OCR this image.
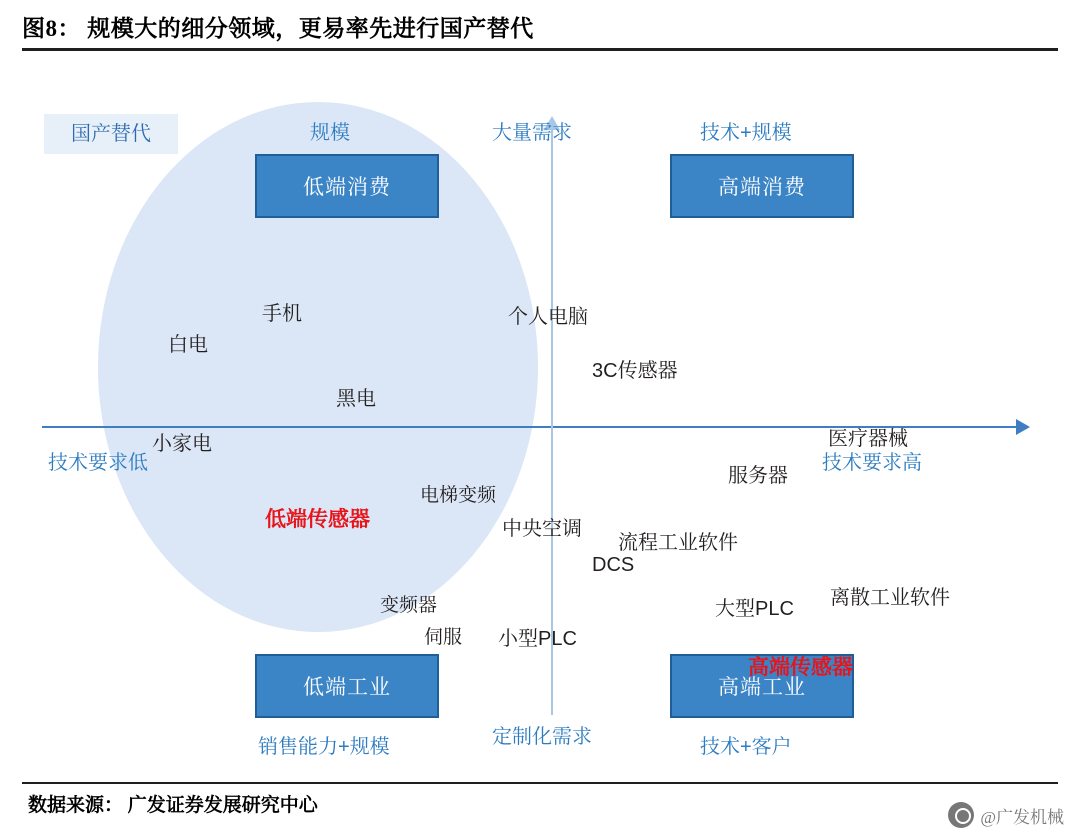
图8： 规模大的细分领域，更易率先进行国产替代
国产替代
低端消费	高端消费
低端工业	高端工业
大量需求
定制化需求
技术要求低	技术要求高
规模	技术+规模
销售能力+规模	技术+客户
手机
白电
黑电
小家电
个人电脑
3C传感器
医疗器械
服务器
电梯变频
低端传感器	中央空调
流程工业软件
DCS
离散工业软件
大型PLC
变频器
伺服 小型PLC
高端传感器
数据来源： 广发证券发展研究中心
@广发机械
